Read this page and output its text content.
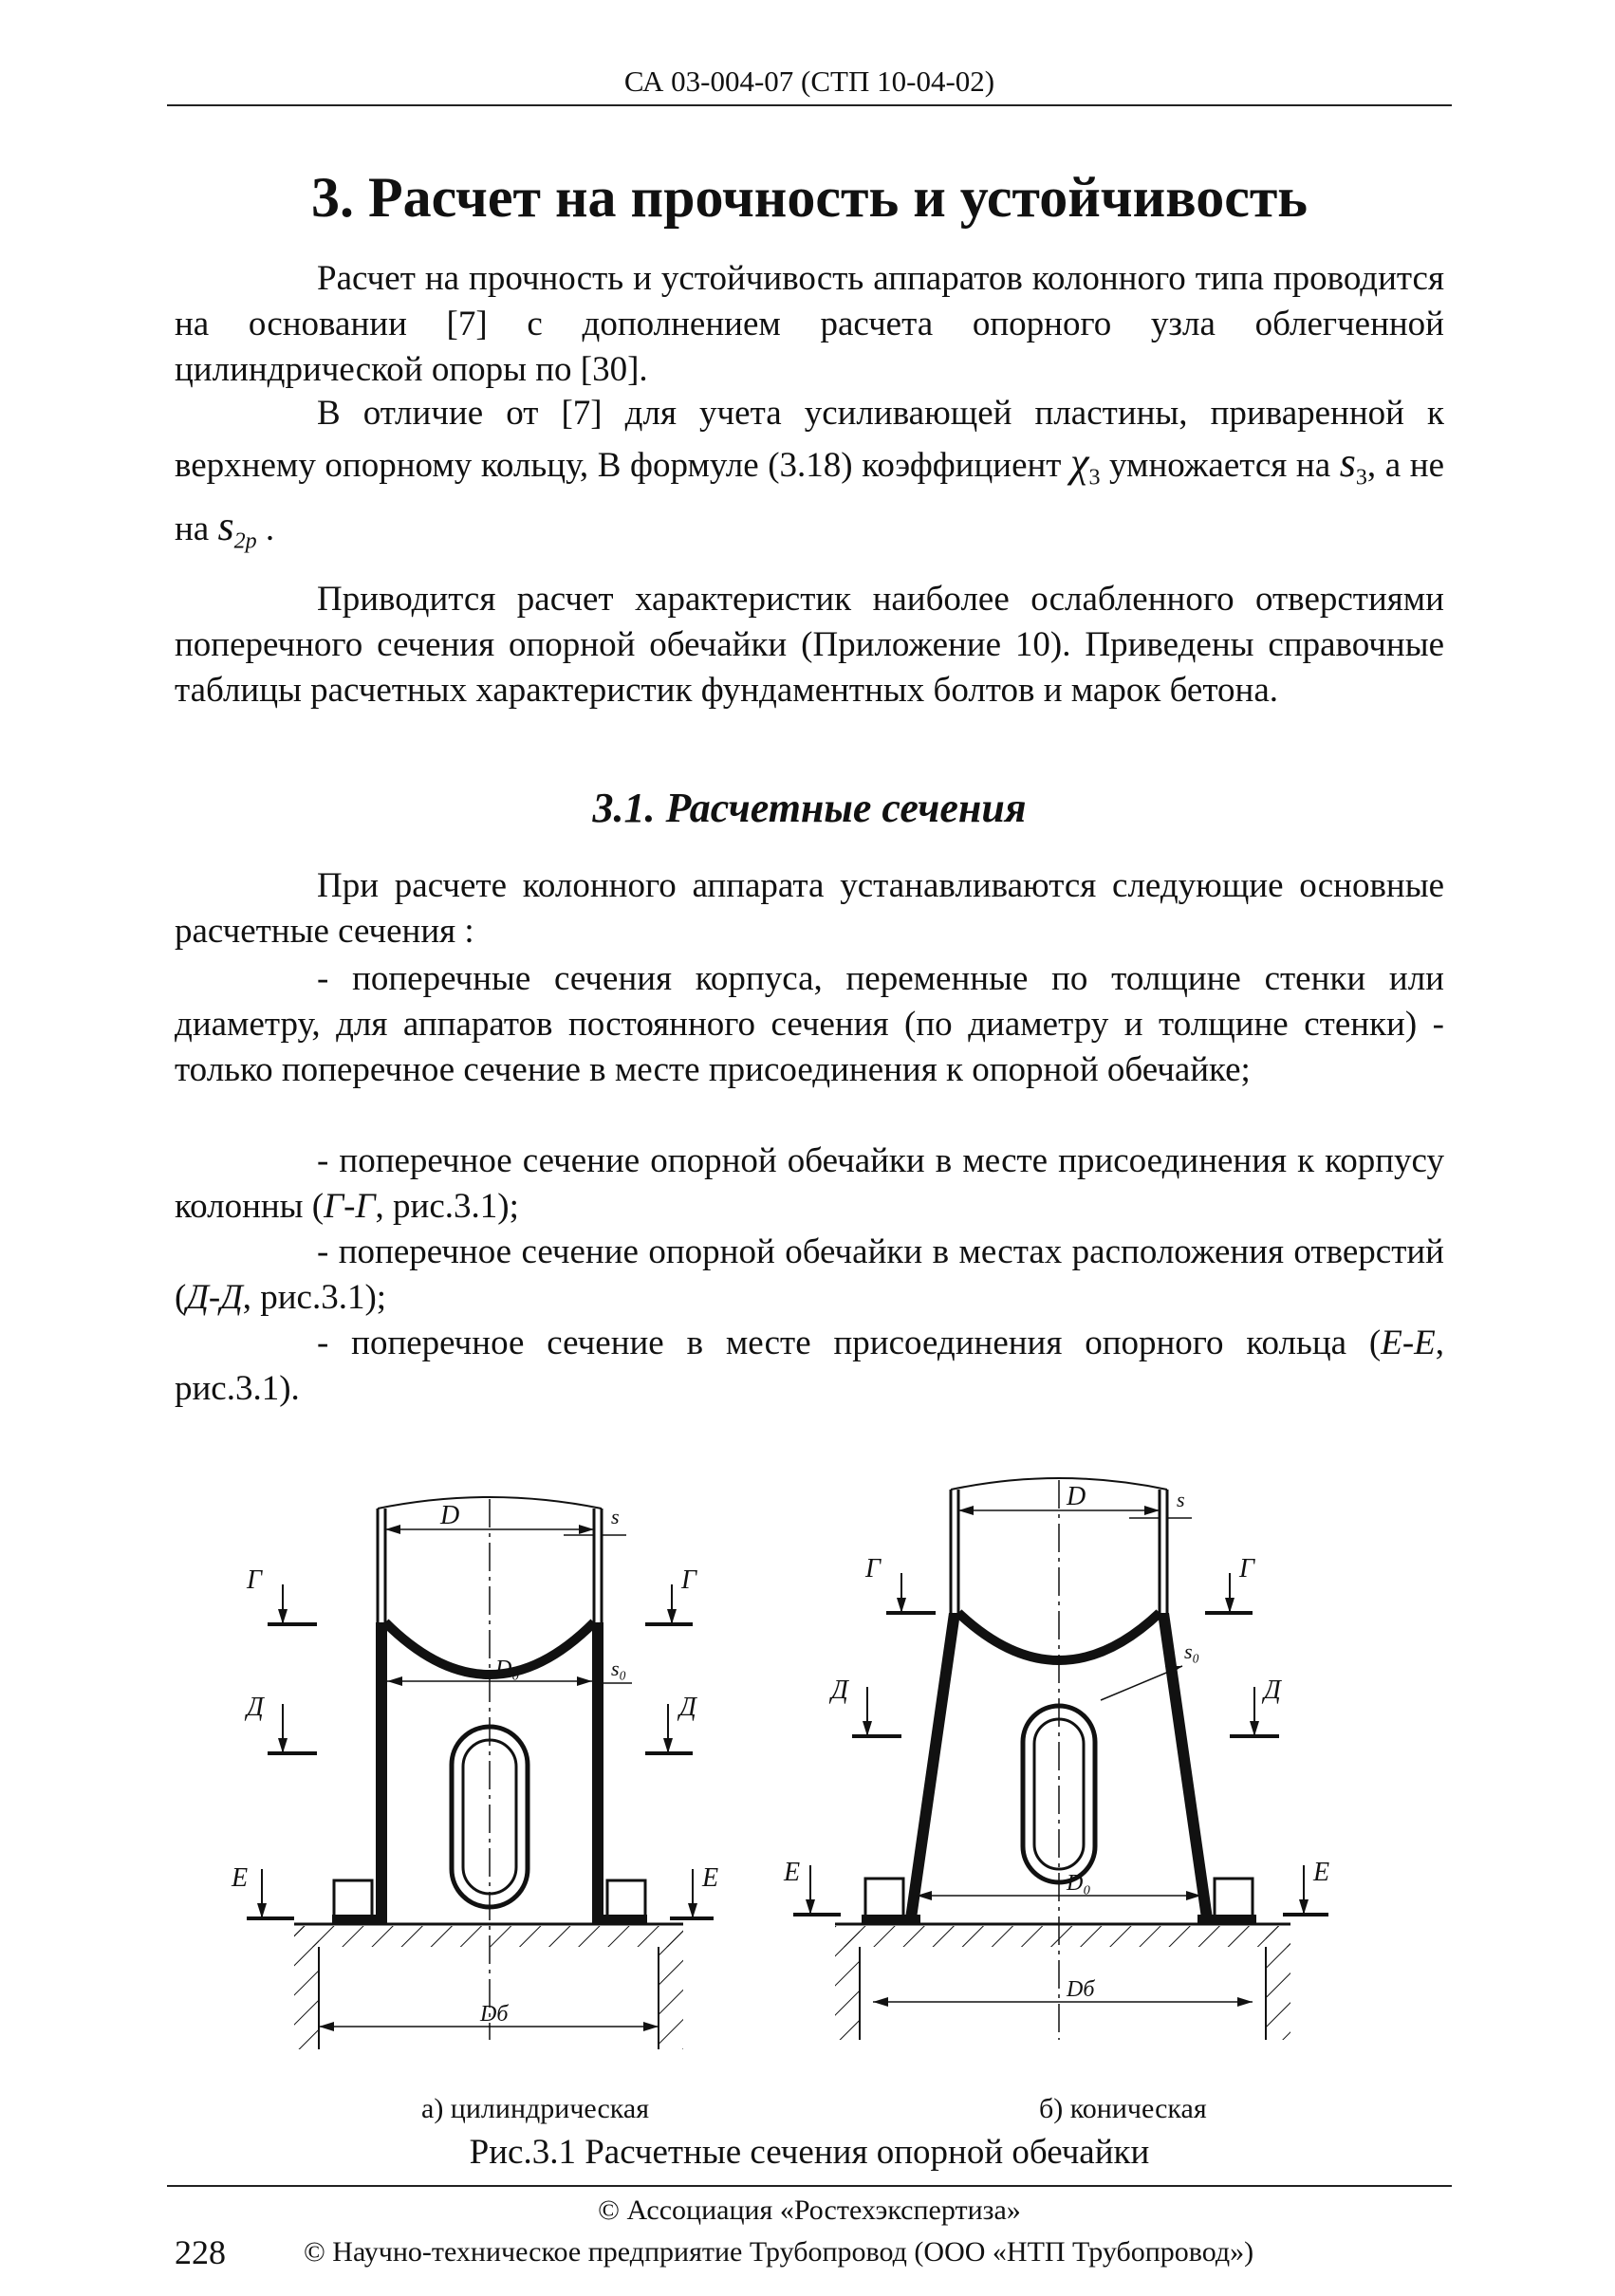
СА 03-004-07 (СТП 10-04-02)
3. Расчет на прочность и устойчивость

Расчет на прочность и устойчивость аппаратов колонного типа проводится на основании [7] с дополнением расчета опорного узла облегченной цилиндрической опоры по [30].

В отличие от [7] для учета усиливающей пластины, приваренной к верхнему опорному кольцу, В формуле (3.18) коэффициент $\chi_3$ умножается на $s_3$, а не на $s_{2p}$ .

Приводится расчет характеристик наиболее ослабленного отверстиями поперечного сечения опорной обечайки (Приложение 10). Приведены справочные таблицы расчетных характеристик фундаментных болтов и марок бетона.

3.1. Расчетные сечения

При расчете колонного аппарата устанавливаются следующие основные расчетные сечения :

- поперечные сечения корпуса, переменные по толщине стенки или диаметру, для аппаратов постоянного сечения (по диаметру и толщине стенки) - только поперечное сечение в месте присоединения к опорной обечайке;

- поперечное сечение опорной обечайки в месте присоединения к корпусу колонны (Г-Г, рис.3.1);

- поперечное сечение опорной обечайки в местах расположения отверстий (Д-Д, рис.3.1);

- поперечное сечение в месте присоединения опорного кольца (Е-Е, рис.3.1).

D	s
D₀	s₀
Dб
Г	Г
Д	Д
E	E
D	s
s₀
D₀
Dб
Г	Г
Д	Д
E	E
а) цилиндрическая	б) коническая
Рис.3.1 Расчетные сечения опорной обечайки
© Ассоциация «Ростехэкспертиза»
228	© Научно-техническое предприятие Трубопровод (ООО «НТП Трубопровод»)
